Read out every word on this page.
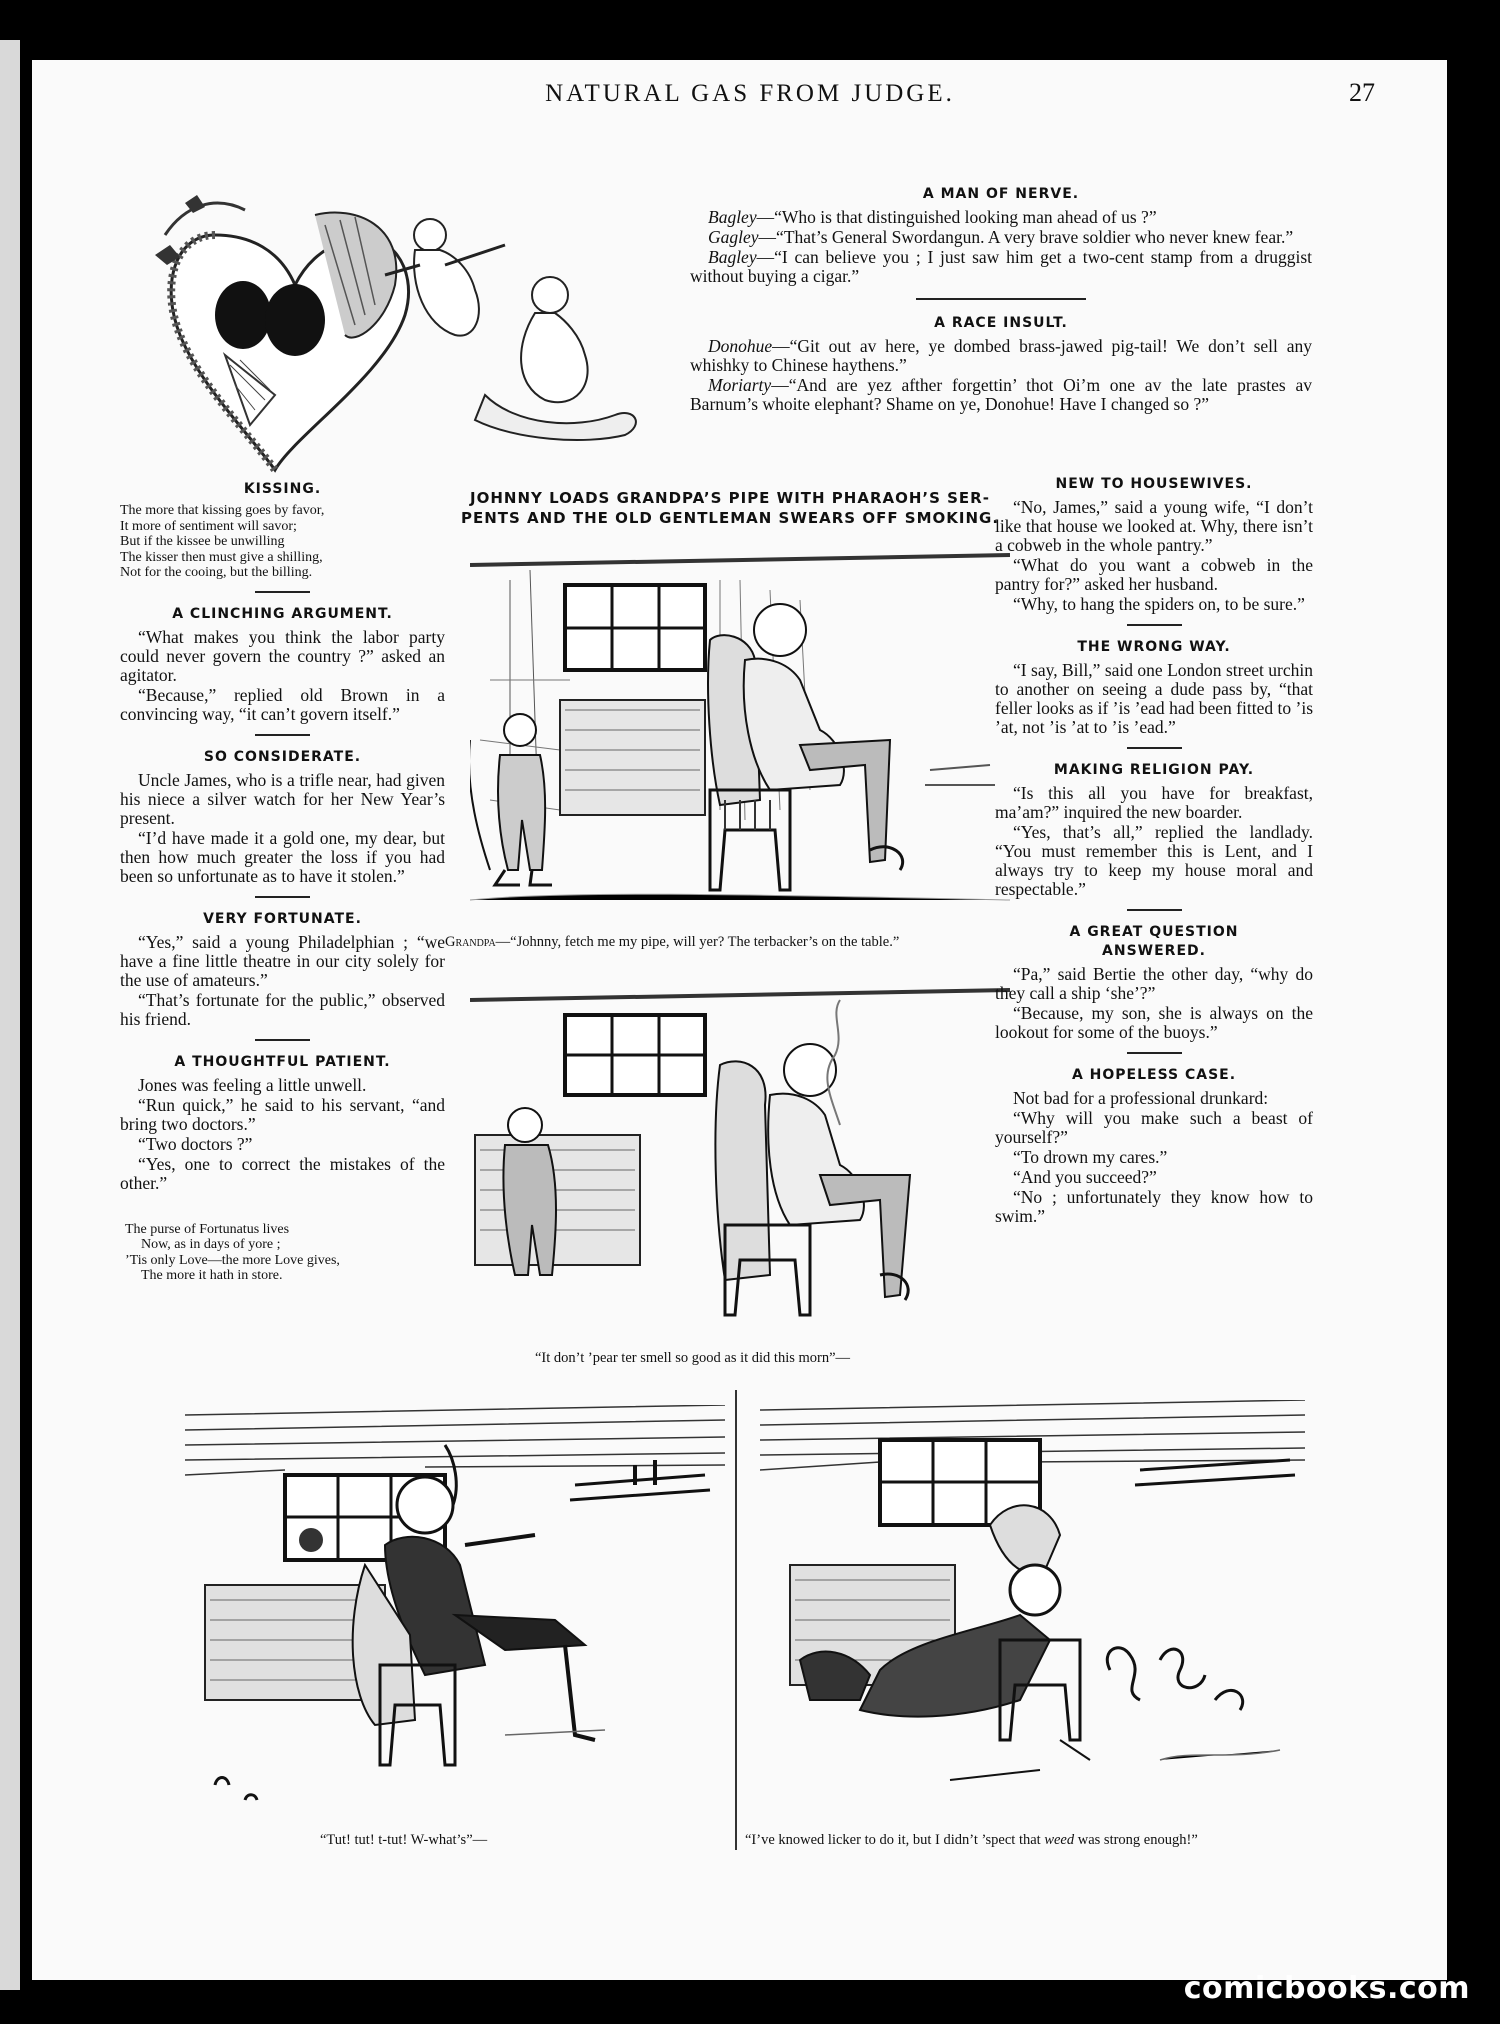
NATURAL GAS FROM JUDGE.	27
A MAN OF NERVE.

Bagley—“Who is that distinguished looking man ahead of us ?”

Gagley—“That’s General Swordangun. A very brave soldier who never knew fear.”

Bagley—“I can believe you ; I just saw him get a two-cent stamp from a druggist without buying a cigar.”

A RACE INSULT.

Donohue—“Git out av here, ye dombed brass-jawed pig-tail! We don’t sell any whishky to Chinese haythens.”

Moriarty—“And are yez afther forgettin’ thot Oi’m one av the late prastes av Barnum’s whoite elephant? Shame on ye, Donohue! Have I changed so ?”

KISSING.
The more that kissing goes by favor,
It more of sentiment will savor;
But if the kissee be unwilling
The kisser then must give a shilling,
Not for the cooing, but the billing.
A CLINCHING ARGUMENT.

“What makes you think the labor party could never govern the country ?” asked an agitator.

“Because,” replied old Brown in a convincing way, “it can’t govern itself.”

SO CONSIDERATE.

Uncle James, who is a trifle near, had given his niece a silver watch for her New Year’s present.

“I’d have made it a gold one, my dear, but then how much greater the loss if you had been so unfortunate as to have it stolen.”

VERY FORTUNATE.

“Yes,” said a young Philadelphian ; “we have a fine little theatre in our city solely for the use of amateurs.”

“That’s fortunate for the public,” observed his friend.

A THOUGHTFUL PATIENT.

Jones was feeling a little unwell.

“Run quick,” he said to his servant, “and bring two doctors.”

“Two doctors ?”

“Yes, one to correct the mistakes of the other.”

The purse of Fortunatus lives
Now, as in days of yore ;
’Tis only Love—the more Love gives,
The more it hath in store.
JOHNNY LOADS GRANDPA’S PIPE WITH PHARAOH’S SER-
PENTS AND THE OLD GENTLEMAN SWEARS OFF SMOKING.
Grandpa—“Johnny, fetch me my pipe, will yer? The terbacker’s on the table.”
“It don’t ’pear ter smell so good as it did this morn”—
NEW TO HOUSEWIVES.

“No, James,” said a young wife, “I don’t like that house we looked at. Why, there isn’t a cobweb in the whole pantry.”

“What do you want a cobweb in the pantry for?” asked her husband.

“Why, to hang the spiders on, to be sure.”

THE WRONG WAY.

“I say, Bill,” said one London street urchin to another on seeing a dude pass by, “that feller looks as if ’is ’ead had been fitted to ’is ’at, not ’is ’at to ’is ’ead.”

MAKING RELIGION PAY.

“Is this all you have for breakfast, ma’am?” inquired the new boarder.

“Yes, that’s all,” replied the landlady. “You must remember this is Lent, and I always try to keep my house moral and respectable.”

A GREAT QUESTION
ANSWERED.

“Pa,” said Bertie the other day, “why do they call a ship ‘she’?”

“Because, my son, she is always on the lookout for some of the buoys.”

A HOPELESS CASE.

Not bad for a professional drunkard:

“Why will you make such a beast of yourself?”

“To drown my cares.”

“And you succeed?”

“No ; unfortunately they know how to swim.”

“Tut! tut! t-tut! W-what’s”—	“I’ve knowed licker to do it, but I didn’t ’spect that weed was strong enough!”
comicbooks.com
